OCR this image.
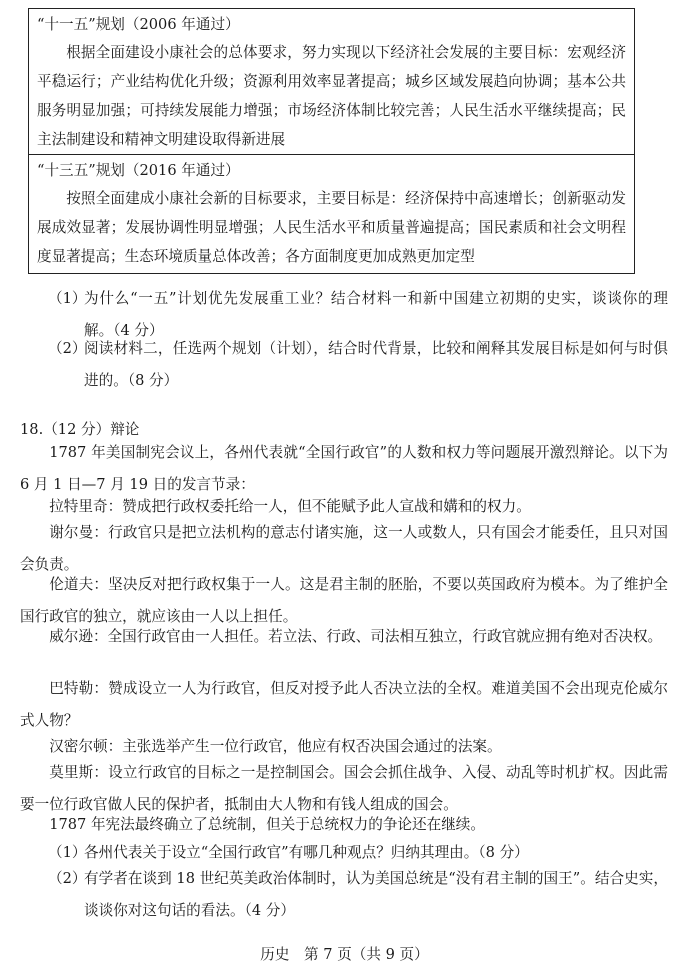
“十一五”规划（2006 年通过）
根据全面建设小康社会的总体要求，努力实现以下经济社会发展的主要目标：宏观经济平稳运行；产业结构优化升级；资源利用效率显著提高；城乡区域发展趋向协调；基本公共服务明显加强；可持续发展能力增强；市场经济体制比较完善；人民生活水平继续提高；民主法制建设和精神文明建设取得新进展
“十三五”规划（2016 年通过）
按照全面建成小康社会新的目标要求，主要目标是：经济保持中高速增长；创新驱动发展成效显著；发展协调性明显增强；人民生活水平和质量普遍提高；国民素质和社会文明程度显著提高；生态环境质量总体改善；各方面制度更加成熟更加定型
（1）
为什么“一五”计划优先发展重工业？结合材料一和新中国建立初期的史实，谈谈你的理解。（4 分）
（2）
阅读材料二，任选两个规划（计划），结合时代背景，比较和阐释其发展目标是如何与时俱进的。（8 分）
18.（12 分）辩论
1787 年美国制宪会议上，各州代表就“全国行政官”的人数和权力等问题展开激烈辩论。以下为 6 月 1 日—7 月 19 日的发言节录：
拉特里奇：赞成把行政权委托给一人，但不能赋予此人宣战和媾和的权力。
谢尔曼：行政官只是把立法机构的意志付诸实施，这一人或数人，只有国会才能委任，且只对国会负责。
伦道夫：坚决反对把行政权集于一人。这是君主制的胚胎，不要以英国政府为模本。为了维护全国行政官的独立，就应该由一人以上担任。
威尔逊：全国行政官由一人担任。若立法、行政、司法相互独立，行政官就应拥有绝对否决权。
巴特勒：赞成设立一人为行政官，但反对授予此人否决立法的全权。难道美国不会出现克伦威尔式人物？
汉密尔顿：主张选举产生一位行政官，他应有权否决国会通过的法案。
莫里斯：设立行政官的目标之一是控制国会。国会会抓住战争、入侵、动乱等时机扩权。因此需要一位行政官做人民的保护者，抵制由大人物和有钱人组成的国会。
1787 年宪法最终确立了总统制，但关于总统权力的争论还在继续。
（1）
各州代表关于设立“全国行政官”有哪几种观点？归纳其理由。（8 分）
（2）
有学者在谈到 18 世纪英美政治体制时，认为美国总统是“没有君主制的国王”。结合史实，谈谈你对这句话的看法。（4 分）
历史　第 7 页（共 9 页）
